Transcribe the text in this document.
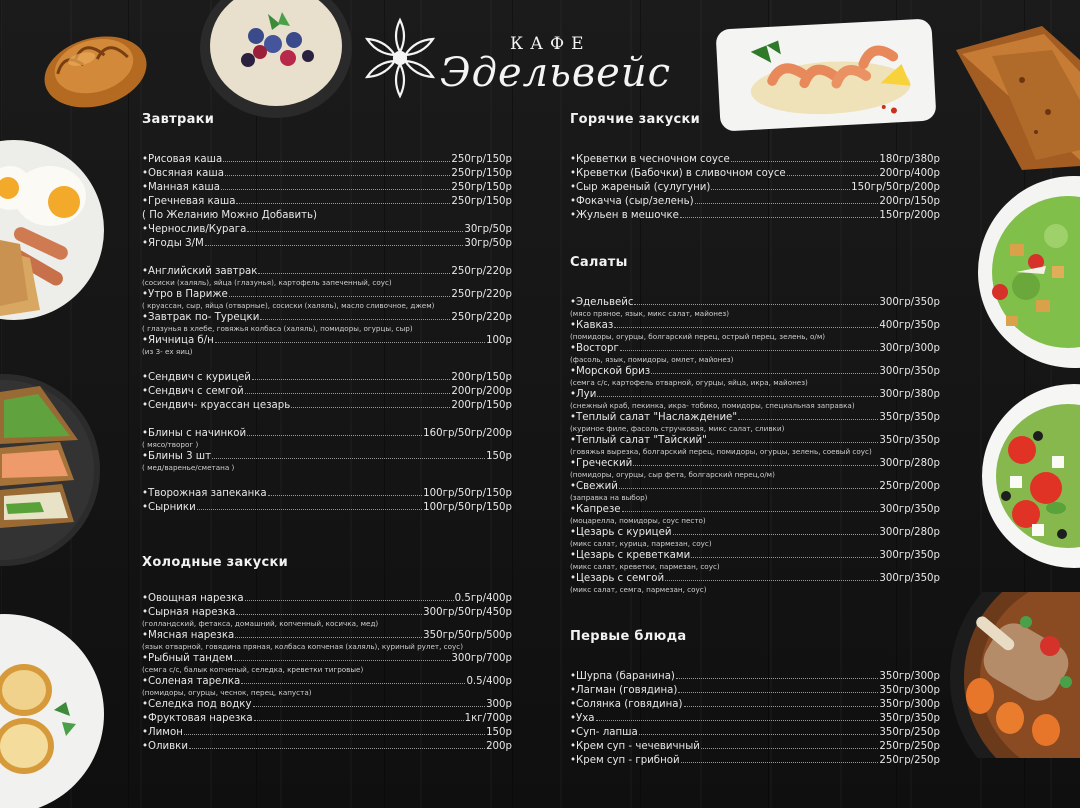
КАФЕ
Эдельвейс
Завтраки
•Рисовая каша	250гр/150р
•Овсяная каша	250гр/150р
•Манная каша	250гр/150р
•Гречневая каша	250гр/150р
( По Желанию Можно Добавить)
•Чернослив/Курага	30гр/50р
•Ягоды З/М	30гр/50р
•Английский завтрак	250гр/220р
(сосиски (халяль), яйца (глазунья), картофель запеченный, соус)
•Утро в Париже	250гр/220р
( круассан, сыр, яйца (отварные), сосиски (халяль), масло сливочное, джем)
•Завтрак по- Турецки	250гр/220р
( глазунья в хлебе, говяжья колбаса (халяль), помидоры, огурцы, сыр)
•Яичница б/н	100р
(из 3- ex яиц)
•Сендвич с курицей	200гр/150р
•Сендвич с семгой	200гр/200р
•Сендвич- круассан цезарь	200гр/150р
•Блины с начинкой	160гр/50гр/200р
( мясо/творог )
•Блины 3 шт	150р
( мед/варенье/сметана )
•Творожная запеканка	100гр/50гр/150р
•Сырники	100гр/50гр/150р
Холодные закуски
•Овощная нарезка	0.5гр/400р
•Сырная нарезка	300гр/50гр/450р
(голландский, фетакса, домашний, копченный, косичка, мед)
•Мясная нарезка	350гр/50гр/500р
(язык отварной, говядина пряная, колбаса копченая (халяль), куриный рулет, соус)
•Рыбный тандем	300гр/700р
(семга с/с, балык копченый, селедка, креветки тигровые)
•Соленая тарелка	0.5/400р
(помидоры, огурцы, чеснок, перец, капуста)
•Селедка под водку	300р
•Фруктовая нарезка	1кг/700р
•Лимон	150р
•Оливки	200р
Горячие закуски
•Креветки в чесночном соусе	180гр/380р
•Креветки (Бабочки) в сливочном соусе	200гр/400р
•Сыр жареный (сулугуни)	150гр/50гр/200р
•Фокачча (сыр/зелень)	200гр/150р
•Жульен в мешочке	150гр/200р
Салаты
•Эдельвейс	300гр/350р
(мясо пряное, язык, микс салат, майонез)
•Кавказ	400гр/350р
(помидоры, огурцы, болгарский перец, острый перец, зелень, о/м)
•Восторг	300гр/300р
(фасоль, язык, помидоры, омлет, майонез)
•Морской бриз	300гр/350р
(семга с/с, картофель отварной, огурцы, яйца, икра, майонез)
•Луи	300гр/380р
(снежный краб, пекинка, икра- тобико, помидоры, специальная заправка)
•Теплый салат "Наслаждение"	350гр/350р
(куриное филе, фасоль стручковая, микс салат, сливки)
•Теплый салат "Тайский"	350гр/350р
(говяжья вырезка, болгарский перец, помидоры, огурцы, зелень, соевый соус)
•Греческий	300гр/280р
(помидоры, огурцы, сыр фета, болгарский перец,о/м)
•Свежий	250гр/200р
(заправка на выбор)
•Капрезе	300гр/350р
(моцарелла, помидоры, соус песто)
•Цезарь с курицей	300гр/280р
(микс салат, курица, пармезан, соус)
•Цезарь с креветками	300гр/350р
(микс салат, креветки, пармезан, соус)
•Цезарь с семгой	300гр/350р
(микс салат, семга, пармезан, соус)
Первые блюда
•Шурпа (баранина)	350гр/300р
•Лагман (говядина)	350гр/300р
•Солянка (говядина)	350гр/300р
•Уха	350гр/350р
•Суп- лапша	350гр/250р
•Крем суп - чечевичный	250гр/250р
•Крем суп - грибной	250гр/250р
